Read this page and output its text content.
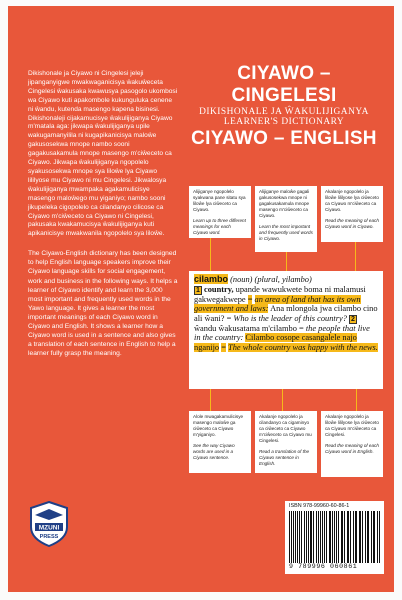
Dikishonale ja Ciyawo ni Cingelesi jeleji jipanganyigwe mwakwaganicisya ŵakuŵeceta Cingelesi ŵakusaka kwawusya pasogolo ukombosi wa Ciyawo kuti apakombole kukunguluka cenene ni ŵandu, kutenda masengo kapena bisinesi. Dikishonaleji cijakamucisye ŵakulijiganya Ciyawo m'matala aga: jikwapa ŵakulijiganya upile wakugamanyilila ni kugapikanicisya maloŵe gakusosekwa mnope nambo sooni gagakusakamula mnope masengo m'ciŵeceto ca Ciyawo. Jikwapa ŵakulijiganya ngopolelo syakusosekwa mnope sya liloŵe lya Ciyawo lililyose mu Ciyawo ni mu Cingelesi. Jikwalosya ŵakulijiganya mwampaka agakamulicisye masengo maloŵego mu yiganiyo; nambo sooni jikupeleka cigopolelo ca cilandanyo cilicose ca Ciyawo m'ciŵeceto ca Ciyawo ni Cingelesi, pakusaka kwakamucisya ŵakulijiganya kuti apikanicisye mwakwanila ngopolelo sya liloŵe.

The Ciyawo-English dictionary has been designed to help English language speakers improve their Ciyawo language skills for social engagement, work and business in the following ways. It helps a learner of Ciyawo identify and learn the 3,000 most important and frequently used words in the Yawo language. It gives a learner the most important meanings of each Ciyawo word in Ciyawo and English. It shows a learner how a Ciyawo word is used in a sentence and also gives a translation of each sentence in English to help a learner fully grasp the meaning.

CIYAWO – CINGELESI
DIKISHONALE JA ŴAKULIJIGANYA
LEARNER'S DICTIONARY
CIYAWO – ENGLISH
Alijiganye ngopolelo syakwana pane sitatu sya liloŵe lya ciŵeceto ca Ciyawo.
Learn up to three different meanings for each Ciyawo word.
Alijiganye maloŵe gagali gakusosekwa mnope ni gagakusakamula mnope masengo m'ciŵeceto ca Ciyawo.
Learn the most important and frequently used words in Ciyawo.
Akalanje ngopolelo ja liloŵe lililyose lya ciŵeceto ca Ciyawo m'ciŵeceto ca Ciyawo.
Read the meaning of each Ciyawo word in Ciyawo.
cilambo (noun) (plural, yilambo)
1 country, upande wawukwete boma ni malamusi gakwegakwepe = an area of land that has its own government and laws: Ana mlongola jwa cilambo cino ali ŵani? = Who is the leader of this country? 2 ŵandu ŵakusatama m'cilambo = the people that live in the country: Cilambo cosope casangalele najo nganijo = The whole country was happy with the news.
Alole mwagakamulicisye masengo maloŵe ga ciŵeceto ca Ciyawo m'yiganiyo.
See the way Ciyawo words are used in a Ciyawo sentence.
Akalanje ngopolelo ja cilandanyo ca cigaminyo ca ciŵeceto ca Ciyawo m'ciŵeceto ca Ciyawo mu Cingelesi.
Read a translation of the Ciyawo sentence in English.
Akalanje ngopolelo ja liloŵe lililyose lya ciŵeceto ca Ciyawo m'ciŵeceto ca Cingelesi.
Read the meaning of each Ciyawo word in English.
MZUNI
PRESS
ISBN 978-99960-60-86-1
9 789996 060861
